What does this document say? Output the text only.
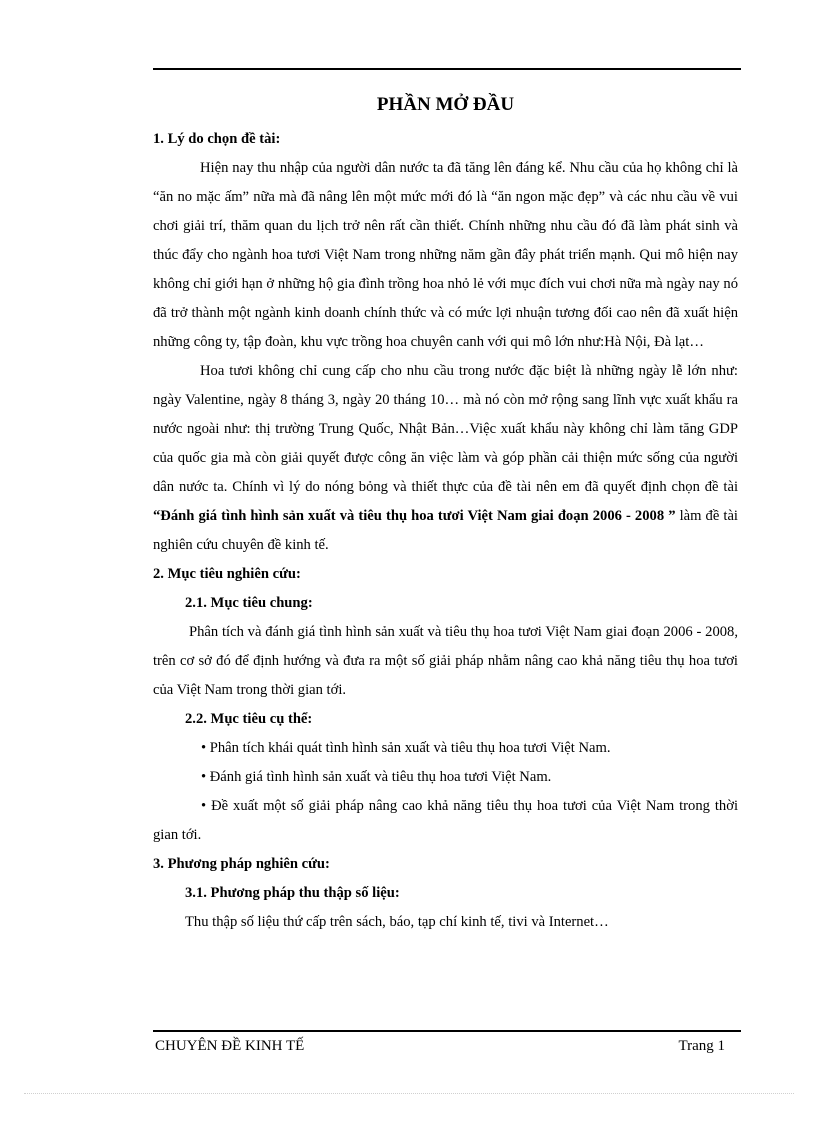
PHẦN MỞ ĐẦU

1. Lý do chọn đề tài:

Hiện nay thu nhập của người dân nước ta đã tăng lên đáng kể. Nhu cầu của họ không chỉ là “ăn no mặc ấm” nữa mà đã nâng lên một mức mới đó là “ăn ngon mặc đẹp” và các nhu cầu về vui chơi giải trí, thăm quan du lịch trở nên rất cần thiết. Chính những nhu cầu đó đã làm phát sinh và thúc đẩy cho ngành hoa tươi Việt Nam trong những năm gần đây phát triển mạnh. Qui mô hiện nay không chỉ giới hạn ở những hộ gia đình trồng hoa nhỏ lẻ với mục đích vui chơi nữa mà ngày nay nó đã trở thành một ngành kinh doanh chính thức và có mức lợi nhuận tương đối cao nên đã xuất hiện những công ty, tập đoàn, khu vực trồng hoa chuyên canh với qui mô lớn như:Hà Nội, Đà lạt…

Hoa tươi không chỉ cung cấp cho nhu cầu trong nước đặc biệt là những ngày lễ lớn như: ngày Valentine, ngày 8 tháng 3, ngày 20 tháng 10… mà nó còn mở rộng sang lĩnh vực xuất khẩu ra nước ngoài như: thị trường Trung Quốc, Nhật Bản…Việc xuất khẩu này không chỉ làm tăng GDP của quốc gia mà còn giải quyết được công ăn việc làm và góp phần cải thiện mức sống của người dân nước ta. Chính vì lý do nóng bỏng và thiết thực của đề tài nên em đã quyết định chọn đề tài “Đánh giá tình hình sản xuất và tiêu thụ hoa tươi Việt Nam giai đoạn 2006 - 2008 ” làm đề tài nghiên cứu chuyên đề kinh tế.

2. Mục tiêu nghiên cứu:

2.1. Mục tiêu chung:

Phân tích và đánh giá tình hình sản xuất và tiêu thụ hoa tươi Việt Nam giai đoạn 2006 - 2008, trên cơ sở đó để định hướng và đưa ra một số giải pháp nhằm nâng cao khả năng tiêu thụ hoa tươi của Việt Nam trong thời gian tới.

2.2. Mục tiêu cụ thể:

• Phân tích khái quát tình hình sản xuất và tiêu thụ hoa tươi Việt Nam.

• Đánh giá tình hình sản xuất và tiêu thụ hoa tươi Việt Nam.

• Đề xuất một số giải pháp nâng cao khả năng tiêu thụ hoa tươi của Việt Nam trong thời gian tới.

3. Phương pháp nghiên cứu:

3.1. Phương pháp thu thập số liệu:

Thu thập số liệu thứ cấp trên sách, báo, tạp chí kinh tế, tivi và Internet…

CHUYÊN ĐỀ KINH TẾ	Trang 1
